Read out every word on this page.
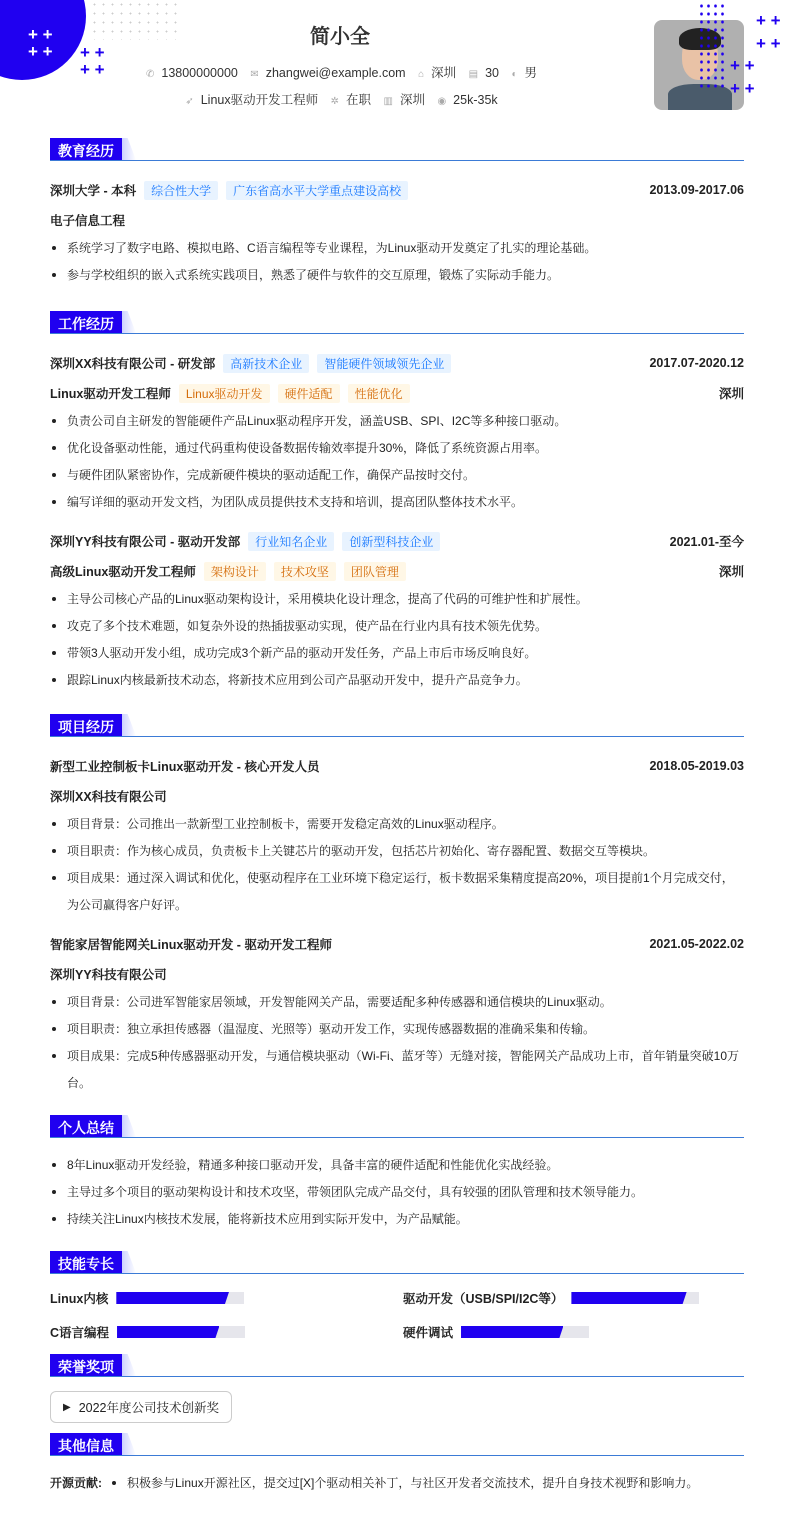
+ +
+ + + +
+ +
简小全
✆ 13800000000 ✉ zhangwei@example.com ⌂ 深圳 ▤ 30 ◐ 男
➶ Linux驱动开发工程师 ✲ 在职 ▥ 深圳 ◉ 25k-35k
+ +
+ +
+ +
+ +
教育经历
深圳大学 - 本科	综合性大学	广东省高水平大学重点建设高校	2013.09-2017.06
电子信息工程
系统学习了数字电路、模拟电路、C语言编程等专业课程，为Linux驱动开发奠定了扎实的理论基础。
参与学校组织的嵌入式系统实践项目，熟悉了硬件与软件的交互原理，锻炼了实际动手能力。
工作经历
深圳XX科技有限公司 - 研发部	高新技术企业	智能硬件领域领先企业	2017.07-2020.12
Linux驱动开发工程师	Linux驱动开发	硬件适配	性能优化	深圳
负责公司自主研发的智能硬件产品Linux驱动程序开发，涵盖USB、SPI、I2C等多种接口驱动。
优化设备驱动性能，通过代码重构使设备数据传输效率提升30%，降低了系统资源占用率。
与硬件团队紧密协作，完成新硬件模块的驱动适配工作，确保产品按时交付。
编写详细的驱动开发文档，为团队成员提供技术支持和培训，提高团队整体技术水平。
深圳YY科技有限公司 - 驱动开发部	行业知名企业	创新型科技企业	2021.01-至今
高级Linux驱动开发工程师	架构设计	技术攻坚	团队管理	深圳
主导公司核心产品的Linux驱动架构设计，采用模块化设计理念，提高了代码的可维护性和扩展性。
攻克了多个技术难题，如复杂外设的热插拔驱动实现，使产品在行业内具有技术领先优势。
带领3人驱动开发小组，成功完成3个新产品的驱动开发任务，产品上市后市场反响良好。
跟踪Linux内核最新技术动态，将新技术应用到公司产品驱动开发中，提升产品竞争力。
项目经历
新型工业控制板卡Linux驱动开发 - 核心开发人员	2018.05-2019.03
深圳XX科技有限公司
项目背景：公司推出一款新型工业控制板卡，需要开发稳定高效的Linux驱动程序。
项目职责：作为核心成员，负责板卡上关键芯片的驱动开发，包括芯片初始化、寄存器配置、数据交互等模块。
项目成果：通过深入调试和优化，使驱动程序在工业环境下稳定运行，板卡数据采集精度提高20%，项目提前1个月完成交付，为公司赢得客户好评。
智能家居智能网关Linux驱动开发 - 驱动开发工程师	2021.05-2022.02
深圳YY科技有限公司
项目背景：公司进军智能家居领域，开发智能网关产品，需要适配多种传感器和通信模块的Linux驱动。
项目职责：独立承担传感器（温湿度、光照等）驱动开发工作，实现传感器数据的准确采集和传输。
项目成果：完成5种传感器驱动开发，与通信模块驱动（Wi-Fi、蓝牙等）无缝对接，智能网关产品成功上市，首年销量突破10万台。
个人总结
8年Linux驱动开发经验，精通多种接口驱动开发，具备丰富的硬件适配和性能优化实战经验。
主导过多个项目的驱动架构设计和技术攻坚，带领团队完成产品交付，具有较强的团队管理和技术领导能力。
持续关注Linux内核技术发展，能将新技术应用到实际开发中，为产品赋能。
技能专长
Linux内核	驱动开发（USB/SPI/I2C等）
C语言编程	硬件调试
荣誉奖项
▶ 2022年度公司技术创新奖
其他信息
开源贡献:	积极参与Linux开源社区，提交过[X]个驱动相关补丁，与社区开发者交流技术，提升自身技术视野和影响力。
